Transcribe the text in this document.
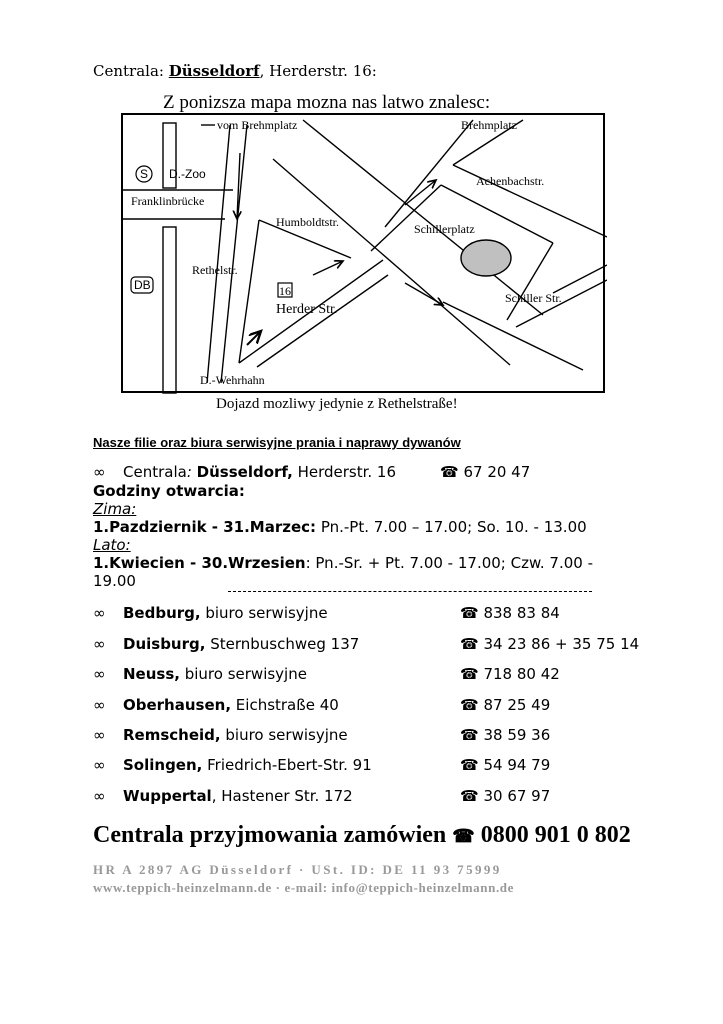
Centrala: Düsseldorf, Herderstr. 16:
Z ponizsza mapa mozna nas latwo znalesc:
vom Brehmplatz	Brehmplatz
S D.-Zoo
Franklinbrücke
Achenbachstr.
Humboldtstr.	Schillerplatz
DB
Rethelstr.
16
Herder Str.
Schiller Str.
D.-Wehrhahn
Dojazd mozliwy jedynie z Rethelstraße!
Nasze filie oraz biura serwisyjne prania i naprawy dywanów
∞ Centrala: Düsseldorf, Herderstr. 16	☎ 67 20 47
Godziny otwarcia:
Zima:
1.Pazdziernik - 31.Marzec: Pn.-Pt. 7.00 – 17.00; So. 10. - 13.00
Lato:
1.Kwiecien - 30.Wrzesien: Pn.-Sr. + Pt. 7.00 - 17.00; Czw. 7.00 -
19.00
∞ Bedburg, biuro serwisyjne	☎ 838 83 84
∞ Duisburg, Sternbuschweg 137	☎ 34 23 86 + 35 75 14
∞ Neuss, biuro serwisyjne	☎ 718 80 42
∞ Oberhausen, Eichstraße 40	☎ 87 25 49
∞ Remscheid, biuro serwisyjne	☎ 38 59 36
∞ Solingen, Friedrich-Ebert-Str. 91	☎ 54 94 79
∞ Wuppertal, Hastener Str. 172	☎ 30 67 97
Centrala przyjmowania zamówien ☎ 0800 901 0 802
HR A 2897 AG Düsseldorf · USt. ID: DE 11 93 75999
www.teppich-heinzelmann.de · e-mail: info@teppich-heinzelmann.de
